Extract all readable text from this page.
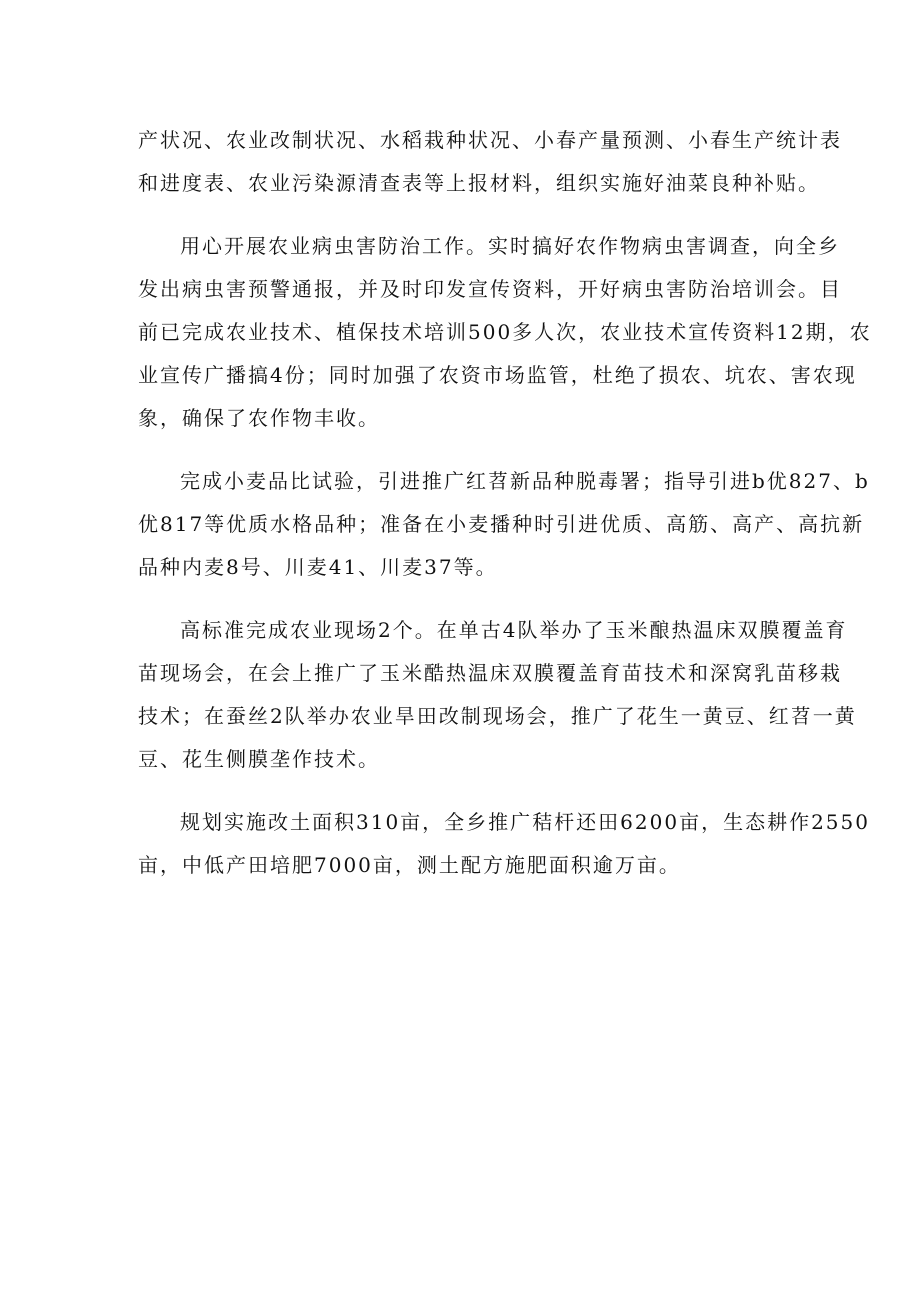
产状况、农业改制状况、水稻栽种状况、小春产量预测、小春生产统计表
和进度表、农业污染源清查表等上报材料，组织实施好油菜良种补贴。

用心开展农业病虫害防治工作。实时搞好农作物病虫害调查，向全乡
发出病虫害预警通报，并及时印发宣传资料，开好病虫害防治培训会。目
前已完成农业技术、植保技术培训500多人次，农业技术宣传资料12期，农
业宣传广播搞4份；同时加强了农资市场监管，杜绝了损农、坑农、害农现
象，确保了农作物丰收。

完成小麦品比试验，引进推广红苕新品种脱毒署；指导引进b优827、b
优817等优质水格品种；准备在小麦播种时引进优质、高筋、高产、高抗新
品种内麦8号、川麦41、川麦37等。

高标准完成农业现场2个。在单古4队举办了玉米酿热温床双膜覆盖育
苗现场会，在会上推广了玉米酷热温床双膜覆盖育苗技术和深窝乳苗移栽
技术；在蚕丝2队举办农业旱田改制现场会，推广了花生一黄豆、红苕一黄
豆、花生侧膜垄作技术。

规划实施改土面积310亩，全乡推广秸杆还田6200亩，生态耕作2550
亩，中低产田培肥7000亩，测土配方施肥面积逾万亩。
